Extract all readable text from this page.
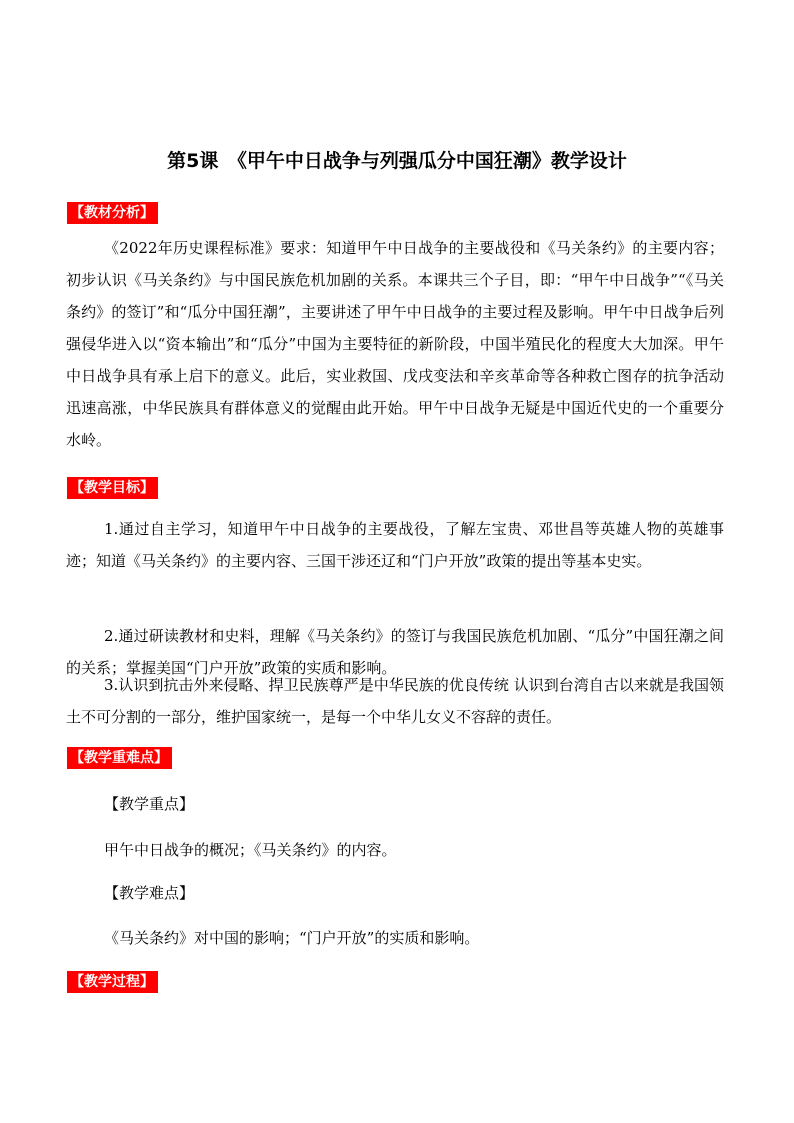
第5课　《甲午中日战争与列强瓜分中国狂潮》教学设计
【教材分析】

《2022年历史课程标准》要求：知道甲午中日战争的主要战役和《马关条约》的主要内容； 初步认识《马关条约》与中国民族危机加剧的关系。本课共三个子目，即：“甲午中日战争”“《马关条约》的签订”和“瓜分中国狂潮”，主要讲述了甲午中日战争的主要过程及影响。甲午中日战争后列强侵华进入以“资本输出”和“瓜分”中国为主要特征的新阶段，中国半殖民化的程度大大加深。甲午中日战争具有承上启下的意义。此后，实业救国、戊戌变法和辛亥革命等各种救亡图存的抗争活动迅速高涨，中华民族具有群体意义的觉醒由此开始。甲午中日战争无疑是中国近代史的一个重要分水岭。

【教学目标】

1.通过自主学习，知道甲午中日战争的主要战役，了解左宝贵、邓世昌等英雄人物的英雄事迹；知道《马关条约》的主要内容、三国干涉还辽和“门户开放”政策的提出等基本史实。

2.通过研读教材和史料，理解《马关条约》的签订与我国民族危机加剧、“瓜分”中国狂潮之间的关系；掌握美国“门户开放”政策的实质和影响。

3.认识到抗击外来侵略、捍卫民族尊严是中华民族的优良传统 认识到台湾自古以来就是我国领土不可分割的一部分，维护国家统一，是每一个中华儿女义不容辞的责任。

【教学重难点】
【教学重点】
甲午中日战争的概况；《马关条约》的内容。
【教学难点】
《马关条约》对中国的影响；“门户开放”的实质和影响。
【教学过程】
